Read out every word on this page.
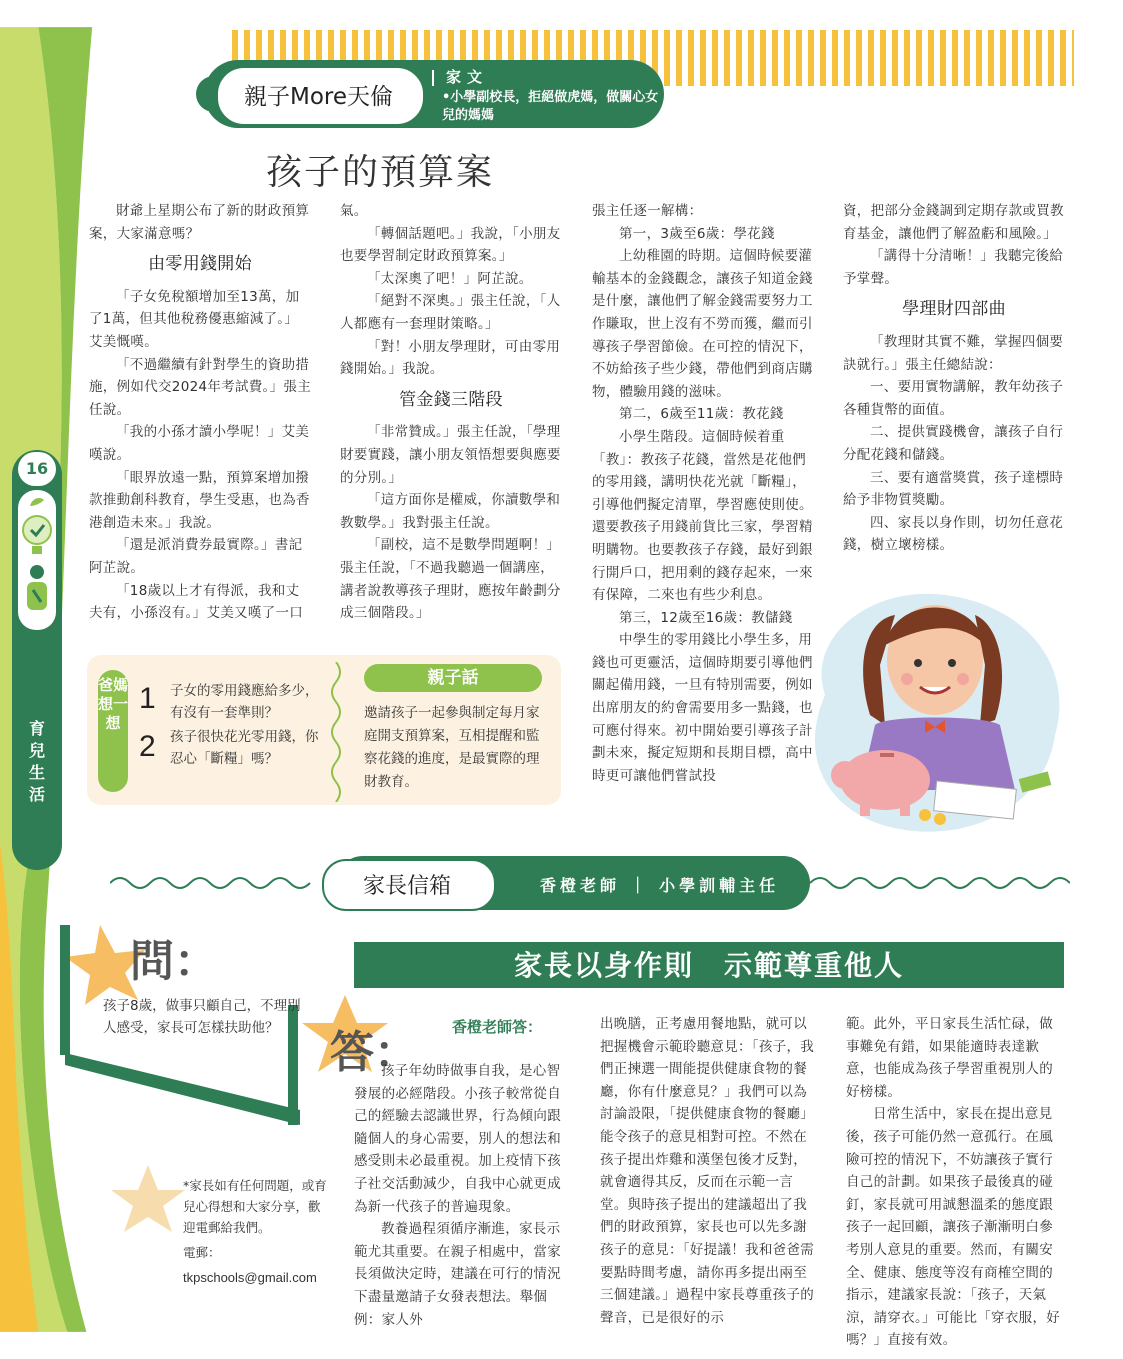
16
育兒生活
親子More天倫
家文
•小學副校長，拒絕做虎媽，做關心女兒的媽媽
孩子的預算案

財爺上星期公布了新的財政預算案，大家滿意嗎？

由零用錢開始

「子女免稅額增加至13萬，加了1萬，但其他稅務優惠縮減了。」艾美慨嘆。

「不過繼續有針對學生的資助措施，例如代交2024年考試費。」張主任說。

「我的小孫才讀小學呢！」艾美嘆說。

「眼界放遠一點，預算案增加撥款推動創科教育，學生受惠，也為香港創造未來。」我說。

「還是派消費券最實際。」書記阿芷說。

「18歲以上才有得派，我和丈夫有，小孫沒有。」艾美又嘆了一口

氣。

「轉個話題吧。」我說，「小朋友也要學習制定財政預算案。」

「太深奧了吧！」阿芷說。

「絕對不深奧。」張主任說，「人人都應有一套理財策略。」

「對！小朋友學理財，可由零用錢開始。」我說。

管金錢三階段

「非常贊成。」張主任說，「學理財要實踐，讓小朋友領悟想要與應要的分別。」

「這方面你是權威，你讀數學和教數學。」我對張主任說。

「副校，這不是數學問題啊！」張主任說，「不過我聽過一個講座，講者說教導孩子理財，應按年齡劃分成三個階段。」

張主任逐一解構：

第一，3歲至6歲：學花錢

上幼稚園的時期。這個時候要灌輸基本的金錢觀念，讓孩子知道金錢是什麼，讓他們了解金錢需要努力工作賺取，世上沒有不勞而獲，繼而引導孩子學習節儉。在可控的情況下，不妨給孩子些少錢，帶他們到商店購物，體驗用錢的滋味。

第二，6歲至11歲：教花錢

小學生階段。這個時候着重「教」：教孩子花錢，當然是花他們的零用錢，講明快花光就「斷糧」，引導他們擬定清單，學習應使則使。還要教孩子用錢前貨比三家，學習精明購物。也要教孩子存錢，最好到銀行開戶口，把用剩的錢存起來，一來有保障，二來也有些少利息。

第三，12歲至16歲：教儲錢

中學生的零用錢比小學生多，用錢也可更靈活，這個時期要引導他們關起備用錢，一旦有特別需要，例如出席朋友的約會需要用多一點錢，也可應付得來。初中開始要引導孩子計劃未來，擬定短期和長期目標，高中時更可讓他們嘗試投

資，把部分金錢調到定期存款或買教育基金，讓他們了解盈虧和風險。」

「講得十分清晰！」我聽完後給予掌聲。

學理財四部曲

「教理財其實不難，掌握四個要訣就行。」張主任總結說：

一、要用實物講解，教年幼孩子各種貨幣的面值。

二、提供實踐機會，讓孩子自行分配花錢和儲錢。

三、要有適當獎賞，孩子達標時給予非物質獎勵。

四、家長以身作則，切勿任意花錢，樹立壞榜樣。

爸媽想一想
1 子女的零用錢應給多少，有沒有一套準則？
2 孩子很快花光零用錢，你忍心「斷糧」嗎？
親子話
邀請孩子一起參與制定每月家庭開支預算案，互相提醒和監察花錢的進度，是最實際的理財教育。
家長信箱	香橙老師 ｜ 小學訓輔主任
問：
孩子8歲，做事只顧自己，不理別人感受，家長可怎樣扶助他？	答：
家長以身作則　示範尊重他人
香橙老師答：

孩子年幼時做事自我，是心智發展的必經階段。小孩子較常從自己的經驗去認識世界，行為傾向跟隨個人的身心需要，別人的想法和感受則未必最重視。加上疫情下孩子社交活動減少，自我中心就更成為新一代孩子的普遍現象。

教養過程須循序漸進，家長示範尤其重要。在親子相處中，當家長須做決定時，建議在可行的情況下盡量邀請子女發表想法。舉個例：家人外

出晚膳，正考慮用餐地點，就可以把握機會示範聆聽意見：「孩子，我們正揀選一間能提供健康食物的餐廳，你有什麼意見？」我們可以為討論設限，「提供健康食物的餐廳」能令孩子的意見相對可控。不然在孩子提出炸雞和漢堡包後才反對，就會適得其反，反而在示範一言堂。與時孩子提出的建議超出了我們的財政預算，家長也可以先多謝孩子的意見：「好提議！我和爸爸需要點時間考慮，請你再多提出兩至三個建議。」過程中家長尊重孩子的聲音，已是很好的示

範。此外，平日家長生活忙碌，做事難免有錯，如果能適時表達歉意，也能成為孩子學習重視別人的好榜樣。

日常生活中，家長在提出意見後，孩子可能仍然一意孤行。在風險可控的情況下，不妨讓孩子實行自己的計劃。如果孩子最後真的碰釘，家長就可用誠懇溫柔的態度跟孩子一起回顧，讓孩子漸漸明白參考別人意見的重要。然而，有關安全、健康、態度等沒有商榷空間的指示，建議家長說：「孩子，天氣涼，請穿衣。」可能比「穿衣服，好嗎？」直接有效。

*家長如有任何問題，或育兒心得想和大家分享，歡迎電郵給我們。
電郵：
tkpschools@gmail.com
